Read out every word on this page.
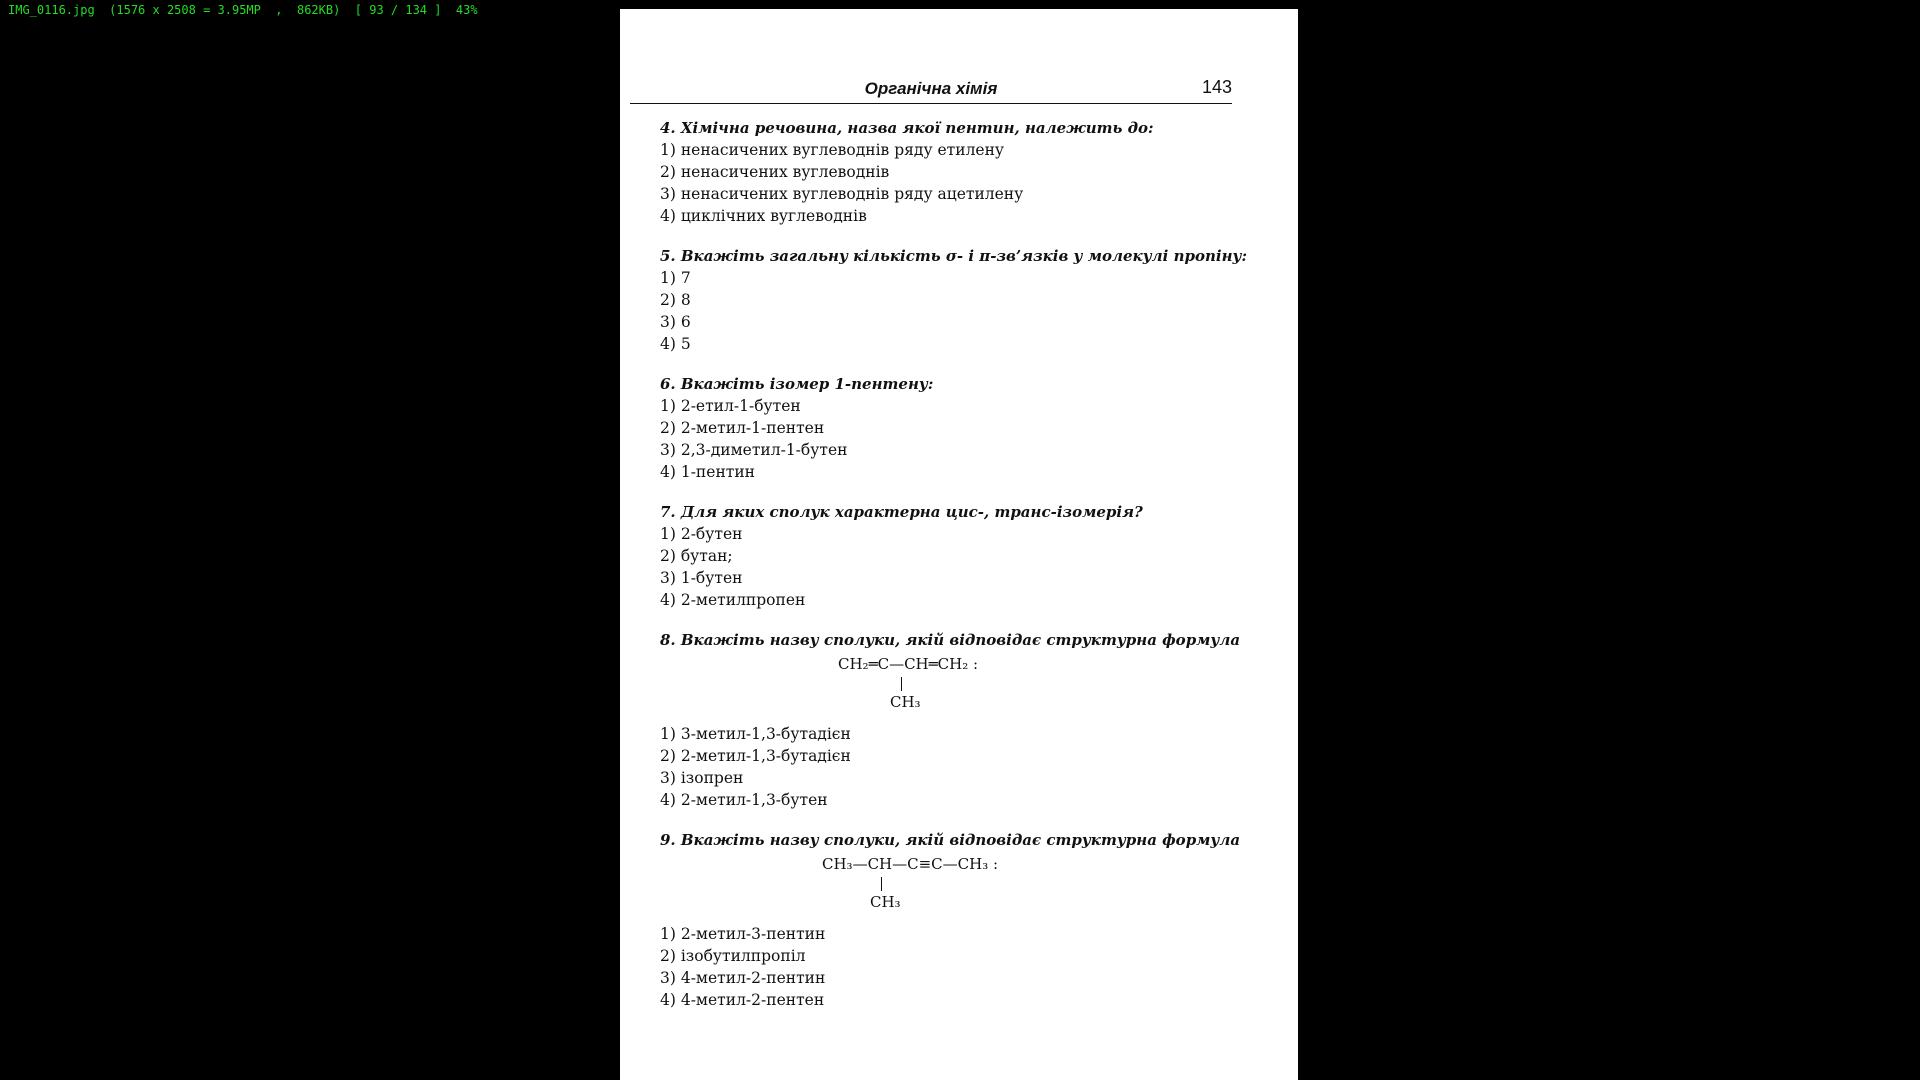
IMG_0116.jpg  (1576 x 2508 = 3.95MP  ,  862KB)  [ 93 / 134 ]  43%
Органічна хімія	143
4. Хімічна речовина, назва якої пентин, належить до:
1) ненасичених вуглеводнів ряду етилену
2) ненасичених вуглеводнів
3) ненасичених вуглеводнів ряду ацетилену
4) циклічних вуглеводнів
5. Вкажіть загальну кількість σ- і π-зв’язків у молекулі пропіну:
1) 7
2) 8
3) 6
4) 5
6. Вкажіть ізомер 1-пентену:
1) 2-етил-1-бутен
2) 2-метил-1-пентен
3) 2,3-диметил-1-бутен
4) 1-пентин
7. Для яких сполук характерна цис-, транс-ізомерія?
1) 2-бутен
2) бутан;
3) 1-бутен
4) 2-метилпропен
8. Вкажіть назву сполуки, якій відповідає структурна формула
CH₂═C—CH═CH₂ :
CH₃
1) 3-метил-1,3-бутадієн
2) 2-метил-1,3-бутадієн
3) ізопрен
4) 2-метил-1,3-бутен
9. Вкажіть назву сполуки, якій відповідає структурна формула
CH₃—CH—C≡C—CH₃ :
CH₃
1) 2-метил-3-пентин
2) ізобутилпропіл
3) 4-метил-2-пентин
4) 4-метил-2-пентен
